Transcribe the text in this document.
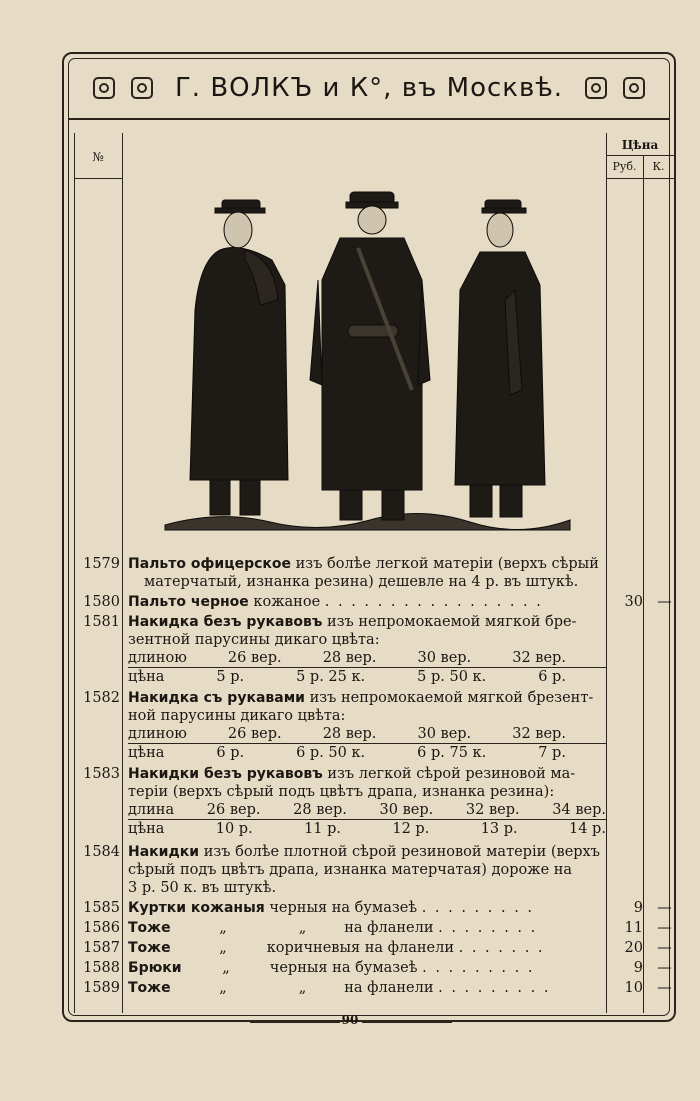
Г. ВОЛКЪ и К°, въ Москвѣ.
№
Цѣна
Руб.	К.
1579 Пальто офицерское изъ болѣе легкой матеріи (верхъ сѣрый
матерчатый, изнанка резина) дешевле на 4 р. въ штукѣ.
1580 Пальто черное кожаное . . . . . . . . . . . . . . . . .	30 —
1581 Накидка безъ рукавовъ изъ непромокаемой мягкой бре-
зентной парусины дикаго цвѣта:
длиною	26 вер.	28 вер.	30 вер.	32 вер.
цѣна	5 р.	5 р. 25 к.	5 р. 50 к.	6 р.
1582 Накидка съ рукавами изъ непромокаемой мягкой брезент-
ной парусины дикаго цвѣта:
длиною	26 вер.	28 вер.	30 вер.	32 вер.
цѣна	6 р.	6 р. 50 к.	6 р. 75 к.	7 р.
1583 Накидки безъ рукавовъ изъ легкой сѣрой резиновой ма-
теріи (верхъ сѣрый подъ цвѣтъ драпа, изнанка резина):
длина 26 вер. 28 вер. 30 вер. 32 вер. 34 вер.
цѣна	10 р.	11 р.	12 р.	13 р.	14 р.
1584 Накидки изъ болѣе плотной сѣрой резиновой матеріи (верхъ
сѣрый подъ цвѣтъ драпа, изнанка матерчатая) дороже на
3 р. 50 к. въ штукѣ.
1585 Куртки кожаныя черныя на бумазеѣ . . . . . . . . .	9 —
1586 Тоже	„	„	на фланели . . . . . . . .	11 —
1587 Тоже	„	коричневыя на фланели . . . . . . .	20 —
1588 Брюки	„	черныя на бумазеѣ . . . . . . . . .	9 —
1589 Тоже	„	„	на фланели . . . . . . . . .	10 —
90
